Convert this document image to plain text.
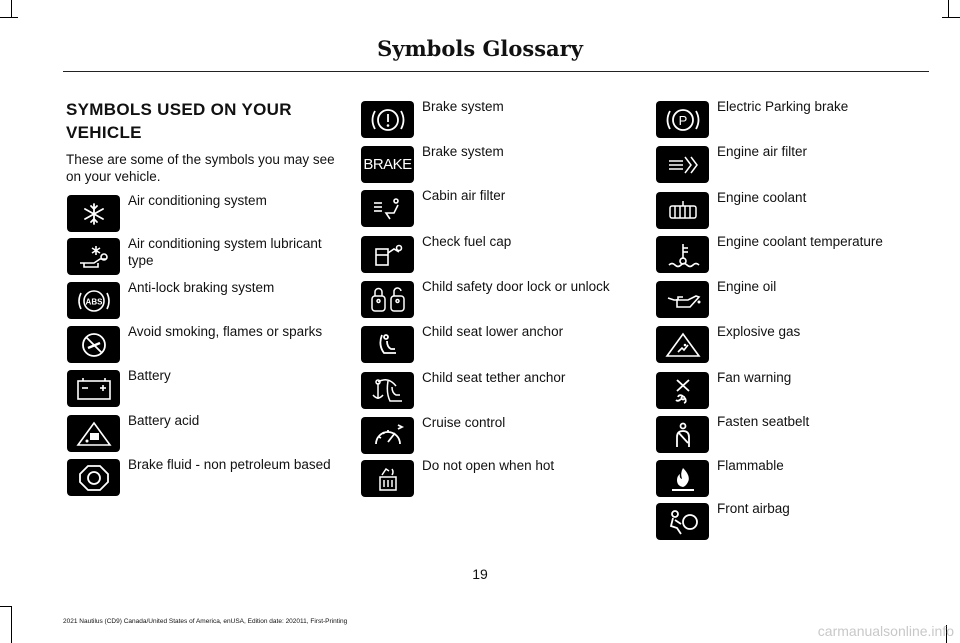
Symbols Glossary
SYMBOLS USED ON YOUR VEHICLE
These are some of the symbols you may see on your vehicle.
Air conditioning system
Air conditioning system lubricant type
ABS
Anti-lock braking system
Avoid smoking, flames or sparks
Battery
Battery acid
Brake fluid - non petroleum based
Brake system
BRAKE
Brake system
Cabin air filter
Check fuel cap
Child safety door lock or unlock
Child seat lower anchor
Child seat tether anchor
Cruise control
Do not open when hot
P
Electric Parking brake
Engine air filter
Engine coolant
Engine coolant temperature
Engine oil
Explosive gas
Fan warning
Fasten seatbelt
Flammable
Front airbag
19
2021 Nautilus (CD9) Canada/United States of America, enUSA, Edition date: 202011, First-Printing
carmanualsonline.info
